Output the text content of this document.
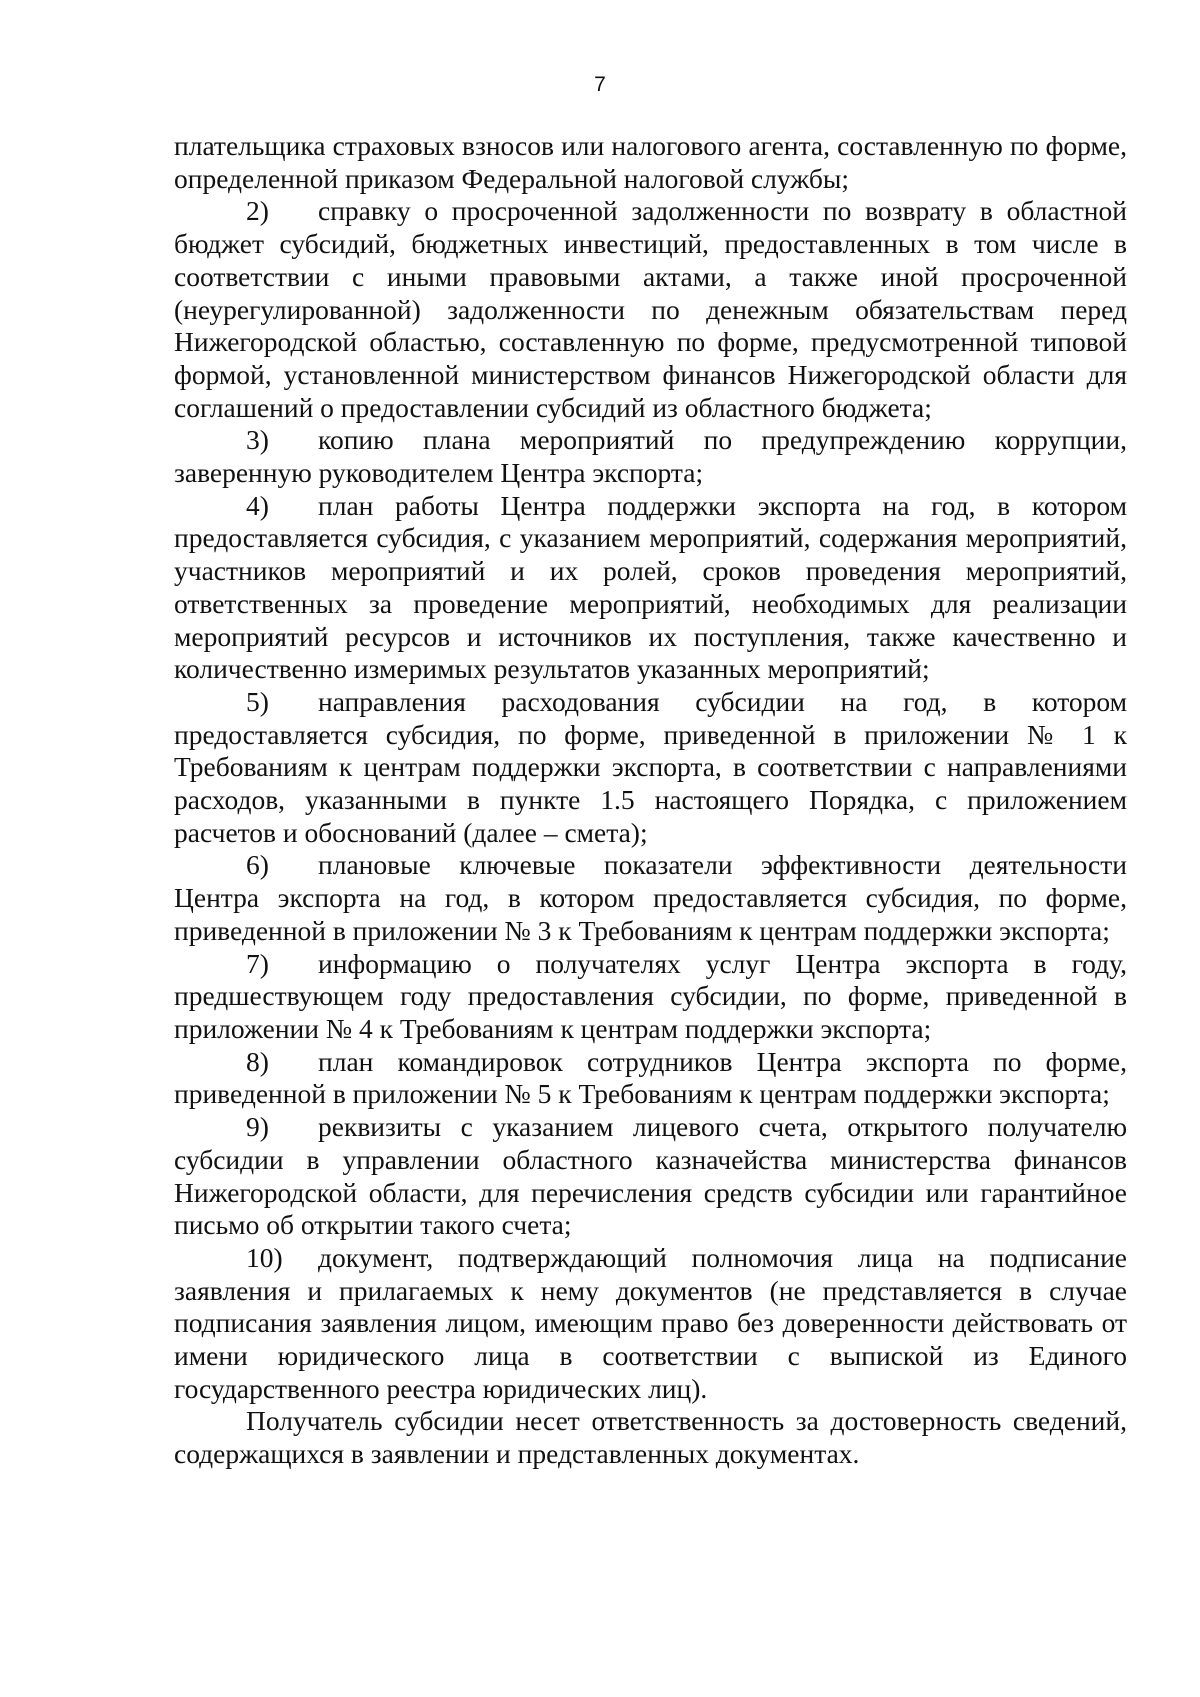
7

плательщика страховых взносов или налогового агента, составленную по форме, определенной приказом Федеральной налоговой службы;

2) справку о просроченной задолженности по возврату в областной бюджет субсидий, бюджетных инвестиций, предоставленных в том числе в соответствии с иными правовыми актами, а также иной просроченной (неурегулированной) задолженности по денежным обязательствам перед Нижегородской областью, составленную по форме, предусмотренной типовой формой, установленной министерством финансов Нижегородской области для соглашений о предоставлении субсидий из областного бюджета;

3) копию плана мероприятий по предупреждению коррупции, заверенную руководителем Центра экспорта;

4) план работы Центра поддержки экспорта на год, в котором предоставляется субсидия, с указанием мероприятий, содержания мероприятий, участников мероприятий и их ролей, сроков проведения мероприятий, ответственных за проведение мероприятий, необходимых для реализации мероприятий ресурсов и источников их поступления, также качественно и количественно измеримых результатов указанных мероприятий;

5) направления расходования субсидии на год, в котором предоставляется субсидия, по форме, приведенной в приложении № 1 к Требованиям к центрам поддержки экспорта, в соответствии с направлениями расходов, указанными в пункте 1.5 настоящего Порядка, с приложением расчетов и обоснований (далее – смета);

6) плановые ключевые показатели эффективности деятельности Центра экспорта на год, в котором предоставляется субсидия, по форме, приведенной в приложении № 3 к Требованиям к центрам поддержки экспорта;

7) информацию о получателях услуг Центра экспорта в году, предшествующем году предоставления субсидии, по форме, приведенной в приложении № 4 к Требованиям к центрам поддержки экспорта;

8) план командировок сотрудников Центра экспорта по форме, приведенной в приложении № 5 к Требованиям к центрам поддержки экспорта;

9) реквизиты с указанием лицевого счета, открытого получателю субсидии в управлении областного казначейства министерства финансов Нижегородской области, для перечисления средств субсидии или гарантийное письмо об открытии такого счета;

10) документ, подтверждающий полномочия лица на подписание заявления и прилагаемых к нему документов (не представляется в случае подписания заявления лицом, имеющим право без доверенности действовать от имени юридического лица в соответствии с выпиской из Единого государственного реестра юридических лиц).

Получатель субсидии несет ответственность за достоверность сведений, содержащихся в заявлении и представленных документах.
